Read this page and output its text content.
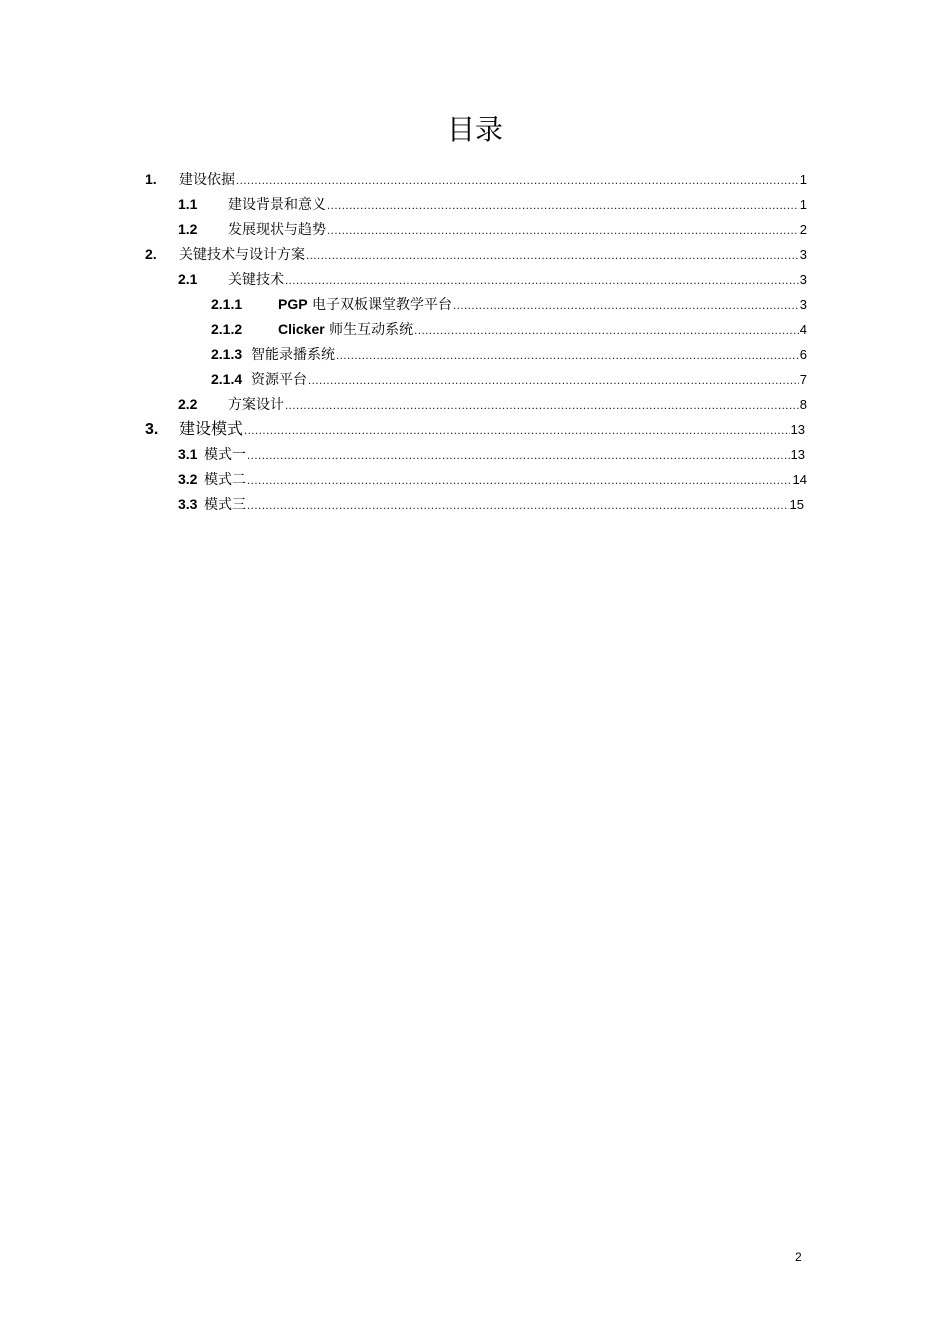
目录
1.	建设依据 .....	1
1.1	建设背景和意义 .....	1
1.2	发展现状与趋势 .....	2
2.	关键技术与设计方案 .....	3
2.1	关键技术 .....	3
2.1.1	PGP 电子双板课堂教学平台 .....	3
2.1.2	Clicker 师生互动系统 .....	4
2.1.3 智能录播系统 .....	6
2.1.4 资源平台 .....	7
2.2	方案设计 .....	8
3.	建设模式 .....	13
3.1 模式一 .....	13
3.2 模式二 .....	14
3.3 模式三 .....	15
2
